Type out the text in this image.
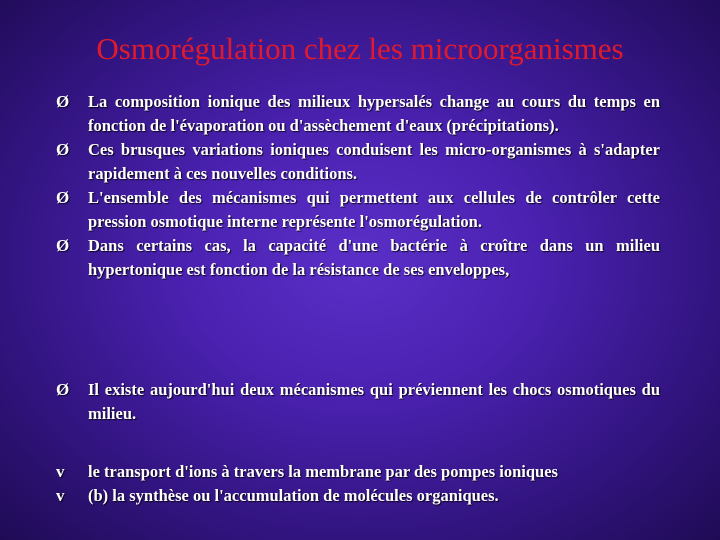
Osmorégulation chez les microorganismes
Ø	La composition ionique des milieux hypersalés change au cours du temps en fonction de l'évaporation ou d'assèchement d'eaux (précipitations).
Ø	Ces brusques variations ioniques conduisent les micro-organismes à s'adapter rapidement à ces nouvelles conditions.
Ø	L'ensemble des mécanismes qui permettent aux cellules de contrôler cette pression osmotique interne représente l'osmorégulation.
Ø	Dans certains cas, la capacité d'une bactérie à croître dans un milieu hypertonique est fonction de la résistance de ses enveloppes,
Ø	Il existe aujourd'hui deux mécanismes qui préviennent les chocs osmotiques du milieu.
v	le transport d'ions à travers la membrane par des pompes ioniques
v	(b) la synthèse ou l'accumulation de molécules organiques.
